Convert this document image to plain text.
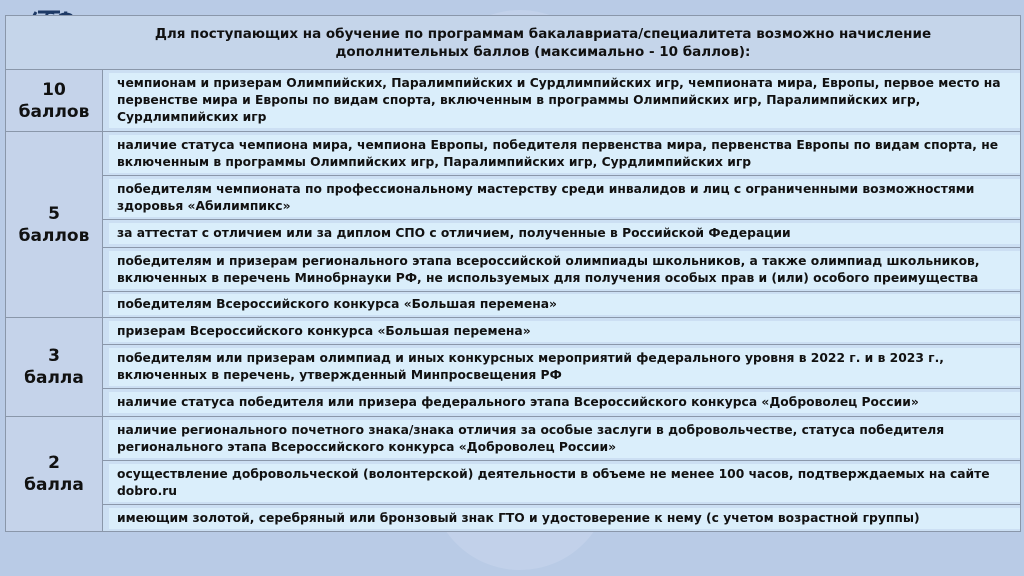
Для поступающих на обучение по программам бакалавриата/специалитета возможно начисление
дополнительных баллов (максимально - 10 баллов):	

10
баллов	чемпионам и призерам Олимпийских, Паралимпийских и Сурдлимпийских игр, чемпионата мира, Европы, первое место на первенстве мира и Европы по видам спорта, включенным в программы Олимпийских игр, Паралимпийских игр, Сурдлимпийских игр

5
баллов	наличие статуса чемпиона мира, чемпиона Европы, победителя первенства мира, первенства Европы по видам спорта, не включенным в программы Олимпийских игр, Паралимпийских игр, Сурдлимпийских игр

	победителям чемпионата по профессиональному мастерству среди инвалидов и лиц с ограниченными возможностями здоровья «Абилимпикс»

	за аттестат с отличием или за диплом СПО с отличием, полученные в Российской Федерации

	победителям и призерам регионального этапа всероссийской олимпиады школьников, а также олимпиад школьников, включенных в перечень Минобрнауки РФ, не используемых для получения особых прав и (или) особого преимущества

	победителям Всероссийского конкурса «Большая перемена»

3
балла	призерам Всероссийского конкурса «Большая перемена»

	победителям или призерам олимпиад и иных конкурсных мероприятий федерального уровня в 2022 г. и в 2023 г., включенных в перечень, утвержденный Минпросвещения РФ

	наличие статуса победителя или призера федерального этапа Всероссийского конкурса «Доброволец России»

2
балла	наличие регионального почетного знака/знака отличия за особые заслуги в добровольчестве, статуса победителя регионального этапа Всероссийского конкурса «Доброволец России»

	осуществление добровольческой (волонтерской) деятельности в объеме не менее 100 часов, подтверждаемых на сайте dobro.ru

	имеющим золотой, серебряный или бронзовый знак ГТО и удостоверение к нему (с учетом возрастной группы)
